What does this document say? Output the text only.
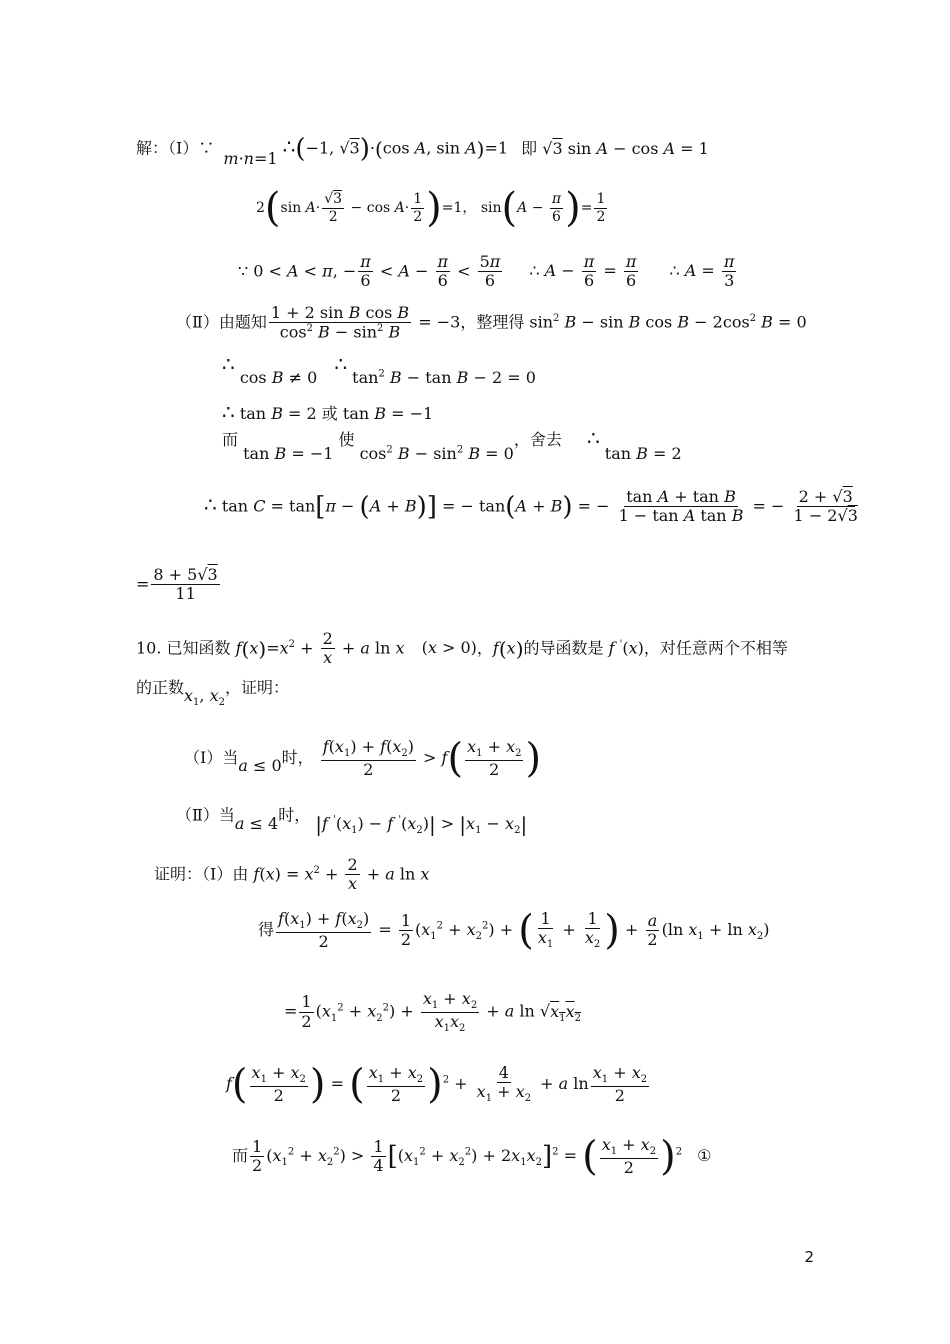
解：（Ⅰ）∵ m·n=1 ∴(−1, √3)·(cos A, sin A)=1 即 √3 sin A − cos A = 1
2(sin $A\cdot \frac{√3}{2} - \cos A\cdot \frac{1}{2} )=1$， $\sin(A - \frac{\pi}{6}$ )= $\frac{1}{2}$
∵ 0 < A < π, − $\frac{\pi}{6} < A - \frac{\pi}{6} < \frac{5\pi}{6}$ ∴ $A - \frac{\pi}{6} = \frac{\pi}{6}$ ∴ $A = \frac{\pi}{3}$
（Ⅱ）由题知 $\frac{\text{1 + 2 sin B cos B}}{\cos^2 B - \sin^2 B} = -3$，整理得 $\sin^2 B - \sin B$ $\cos B - 2\cos^2$ B = 0
∴ cos B ≠ 0 ∴ $\tan^2 B - \tan B - 2 = 0$
∴ tan B = 2 或 tan B = −1
而 tan B = −1 使 $\cos^2 B - \sin^2 B = 0$，舍去 ∴ tan B = 2
∴ tan C = tan[π − (A + B)] = − tan(A + B) = − $\frac{\text{tan A + tan B}}{\text{1 − tan A tan B}}$ = − $\frac{2 + √3}{1 - 2√3}$
= $\frac{8 + 5√3}{11}$
10. 已知函数 $f(x)=x^2 + \frac{2}{x} + a$ ln x (x > 0)，f(x)的导函数是 f '(x)，对任意两个不相等
的正数$x_1$, $x_2$，证明：
（Ⅰ）当a ≤ 0时， $\frac{f(x_1) + f(x_2)}{2} > f( \frac{x_1 + x_2}{2}$ )
（Ⅱ）当a ≤ 4时， |f $'(x_1) - f$ $'(x_2)| > |x_1 - x_2|$
证明：（Ⅰ）由 $f(x) = x^2 + \frac{2}{x} + a$ ln x
得 $\frac{f(x_1) + f(x_2)}{2} = \frac{1}{2} (x_1^2 + x_2^2)$ + ( $\frac{1}{x_1} + \frac{1}{x_2}$ ) + $\frac{a}{2} (\ln$ $x_1 + \ln x_2$)
= $\frac{1}{2} (x_1^2 + x_2^2) + \frac{x_1 + x_2}{x_1x_2} + a$ $\ln √x_1x_2$
$f( \frac{x_1 + x_2}{2}$ ) = ( $\frac{x_1 + x_2}{2} )^2 + \frac{4}{x_1 + x_2} + a$ $\ln \frac{x_1 + x_2}{2}$
而 $\frac{1}{2} (x_1^2 + x_2^2) > \frac{1}{4} [(x_1^2 + x_2^2) + 2x_1x_2]^2$ = ( $\frac{x_1 + x_2}{2} )^2$ ①
2
